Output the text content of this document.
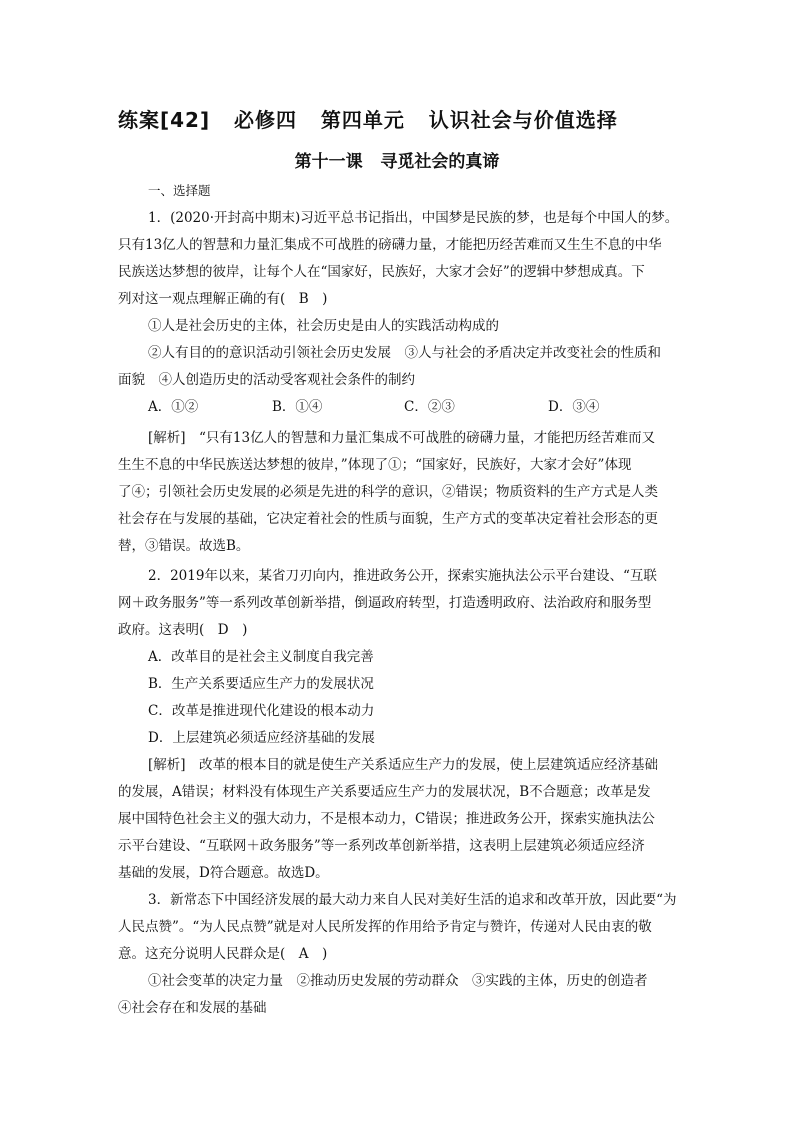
练案[42]   必修四   第四单元   认识社会与价值选择
第十一课   寻觅社会的真谛
一、选择题
1．(2020·开封高中期末)习近平总书记指出，中国梦是民族的梦，也是每个中国人的梦。
只有13亿人的智慧和力量汇集成不可战胜的磅礴力量，才能把历经苦难而又生生不息的中华
民族送达梦想的彼岸，让每个人在“国家好，民族好，大家才会好”的逻辑中梦想成真。下
列对这一观点理解正确的有(　B　)
①人是社会历史的主体，社会历史是由人的实践活动构成的
②人有目的的意识活动引领社会历史发展　③人与社会的矛盾决定并改变社会的性质和
面貌　④人创造历史的活动受客观社会条件的制约
A．①②	B．①④	C．②③	D．③④
[解析]　“只有13亿人的智慧和力量汇集成不可战胜的磅礴力量，才能把历经苦难而又
生生不息的中华民族送达梦想的彼岸，”体现了①；“国家好，民族好，大家才会好”体现
了④；引领社会历史发展的必须是先进的科学的意识，②错误；物质资料的生产方式是人类
社会存在与发展的基础，它决定着社会的性质与面貌，生产方式的变革决定着社会形态的更
替，③错误。故选B。
2．2019年以来，某省刀刃向内，推进政务公开，探索实施执法公示平台建设、“互联
网＋政务服务”等一系列改革创新举措，倒逼政府转型，打造透明政府、法治政府和服务型
政府。这表明(　D　)
A．改革目的是社会主义制度自我完善
B．生产关系要适应生产力的发展状况
C．改革是推进现代化建设的根本动力
D．上层建筑必须适应经济基础的发展
[解析]　改革的根本目的就是使生产关系适应生产力的发展，使上层建筑适应经济基础
的发展，A错误；材料没有体现生产关系要适应生产力的发展状况，B不合题意；改革是发
展中国特色社会主义的强大动力，不是根本动力，C错误；推进政务公开，探索实施执法公
示平台建设、“互联网＋政务服务”等一系列改革创新举措，这表明上层建筑必须适应经济
基础的发展，D符合题意。故选D。
3．新常态下中国经济发展的最大动力来自人民对美好生活的追求和改革开放，因此要“为
人民点赞”。“为人民点赞”就是对人民所发挥的作用给予肯定与赞许，传递对人民由衷的敬
意。这充分说明人民群众是(　A　)
①社会变革的决定力量　②推动历史发展的劳动群众　③实践的主体，历史的创造者
④社会存在和发展的基础
